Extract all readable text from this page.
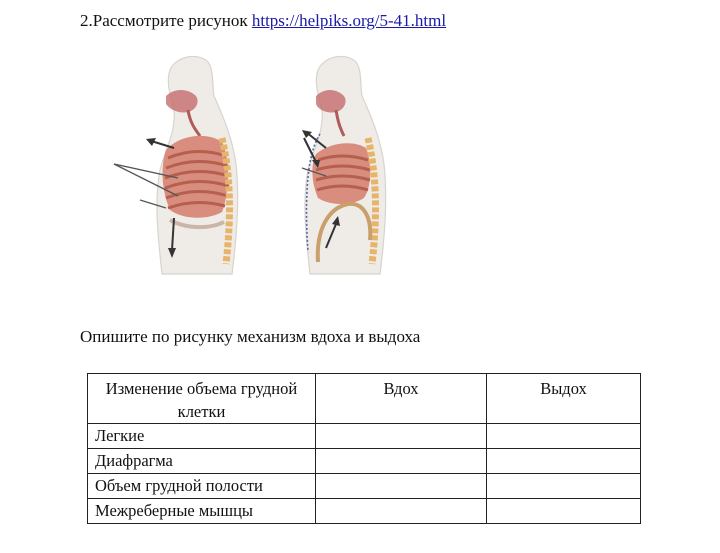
2.Рассмотрите рисунок https://helpiks.org/5-41.html
Опишите по рисунку механизм вдоха и выдоха
Изменение объема грудной клетки	Вдох	Выдох
Легкие		
Диафрагма		
Объем грудной полости		
Межреберные мышцы		
